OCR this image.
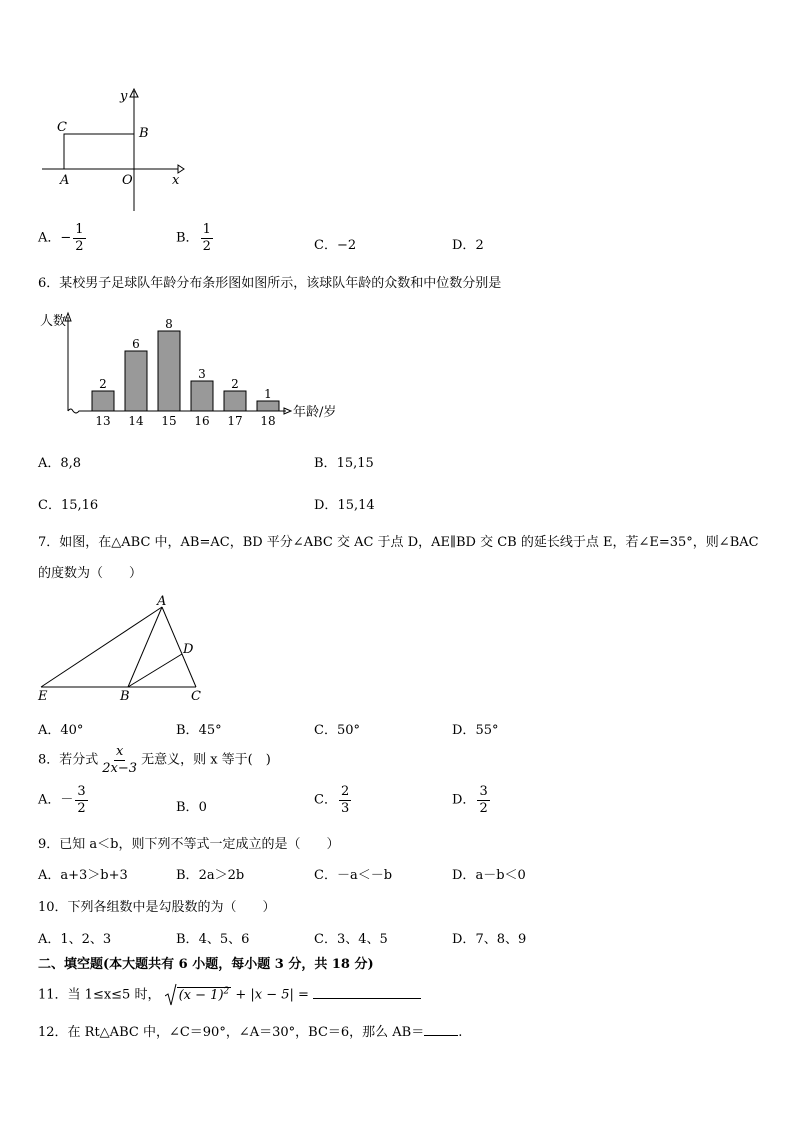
y
x
C	B
A	O
A．− $\frac{1}{2}$	B． $\frac{1}{2}$	C．−2	D．2
6．某校男子足球队年龄分布条形图如图所示，该球队年龄的众数和中位数分别是
人数
年龄/岁
2
13
6
14
8
15
3
16
2
17
1
18
A．8,8	B．15,15
C．15,16	D．15,14
7．如图，在△ABC 中，AB=AC，BD 平分∠ABC 交 AC 于点 D，AE∥BD 交 CB 的延长线于点 E，若∠E=35°，则∠BAC
的度数为（　　）
A
D
E	B	C
A．40°	B．45°	C．50°	D．55°
8．若分式 $\frac{x}{2x-3}$ 无意义，则 x 等于(　)
A．－ $\frac{3}{2}$	B．0	C． $\frac{2}{3}$	D． $\frac{3}{2}$
9．已知 a＜b，则下列不等式一定成立的是（　　）
A．a+3＞b+3	B．2a＞2b	C．－a＜－b	D．a－b＜0
10．下列各组数中是勾股数的为（　　）
A．1、2、3	B．4、5、6	C．3、4、5	D．7、8、9
二、填空题(本大题共有 6 小题，每小题 3 分，共 18 分)
11．当 1≤x≤5 时， $(x - 1)^2 + |x - 5|$ =
12．在 Rt△ABC 中，∠C＝90°，∠A＝30°，BC＝6，那么 AB＝	.
